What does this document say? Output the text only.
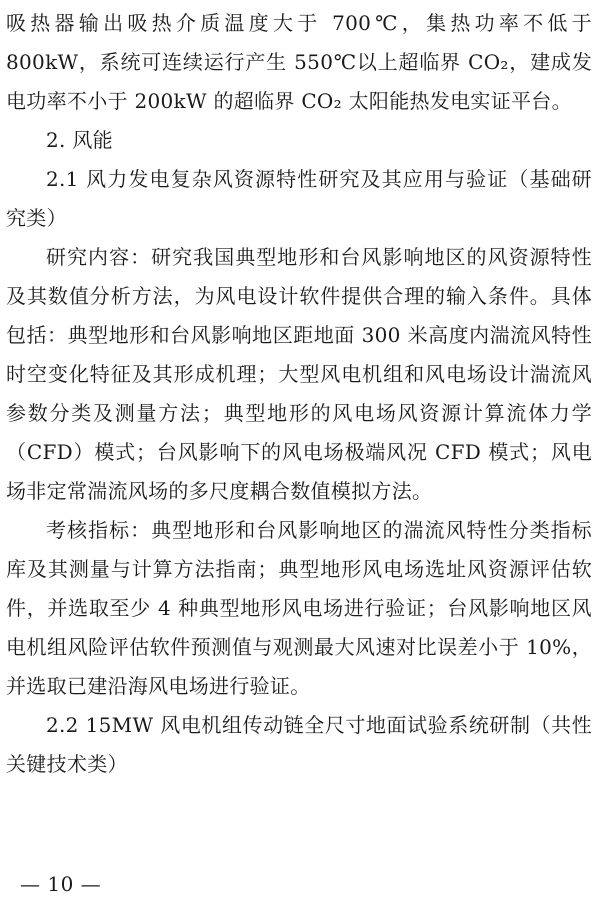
吸热器输出吸热介质温度大于 700℃，集热功率不低于 800kW，系统可连续运行产生 550℃以上超临界 CO₂，建成发电功率不小于 200kW 的超临界 CO₂ 太阳能热发电实证平台。

2. 风能

2.1 风力发电复杂风资源特性研究及其应用与验证（基础研究类）

研究内容：研究我国典型地形和台风影响地区的风资源特性及其数值分析方法，为风电设计软件提供合理的输入条件。具体包括：典型地形和台风影响地区距地面 300 米高度内湍流风特性时空变化特征及其形成机理；大型风电机组和风电场设计湍流风参数分类及测量方法；典型地形的风电场风资源计算流体力学（CFD）模式；台风影响下的风电场极端风况 CFD 模式；风电场非定常湍流风场的多尺度耦合数值模拟方法。

考核指标：典型地形和台风影响地区的湍流风特性分类指标库及其测量与计算方法指南；典型地形风电场选址风资源评估软件，并选取至少 4 种典型地形风电场进行验证；台风影响地区风电机组风险评估软件预测值与观测最大风速对比误差小于 10%，并选取已建沿海风电场进行验证。

2.2 15MW 风电机组传动链全尺寸地面试验系统研制（共性关键技术类）

— 10 —
